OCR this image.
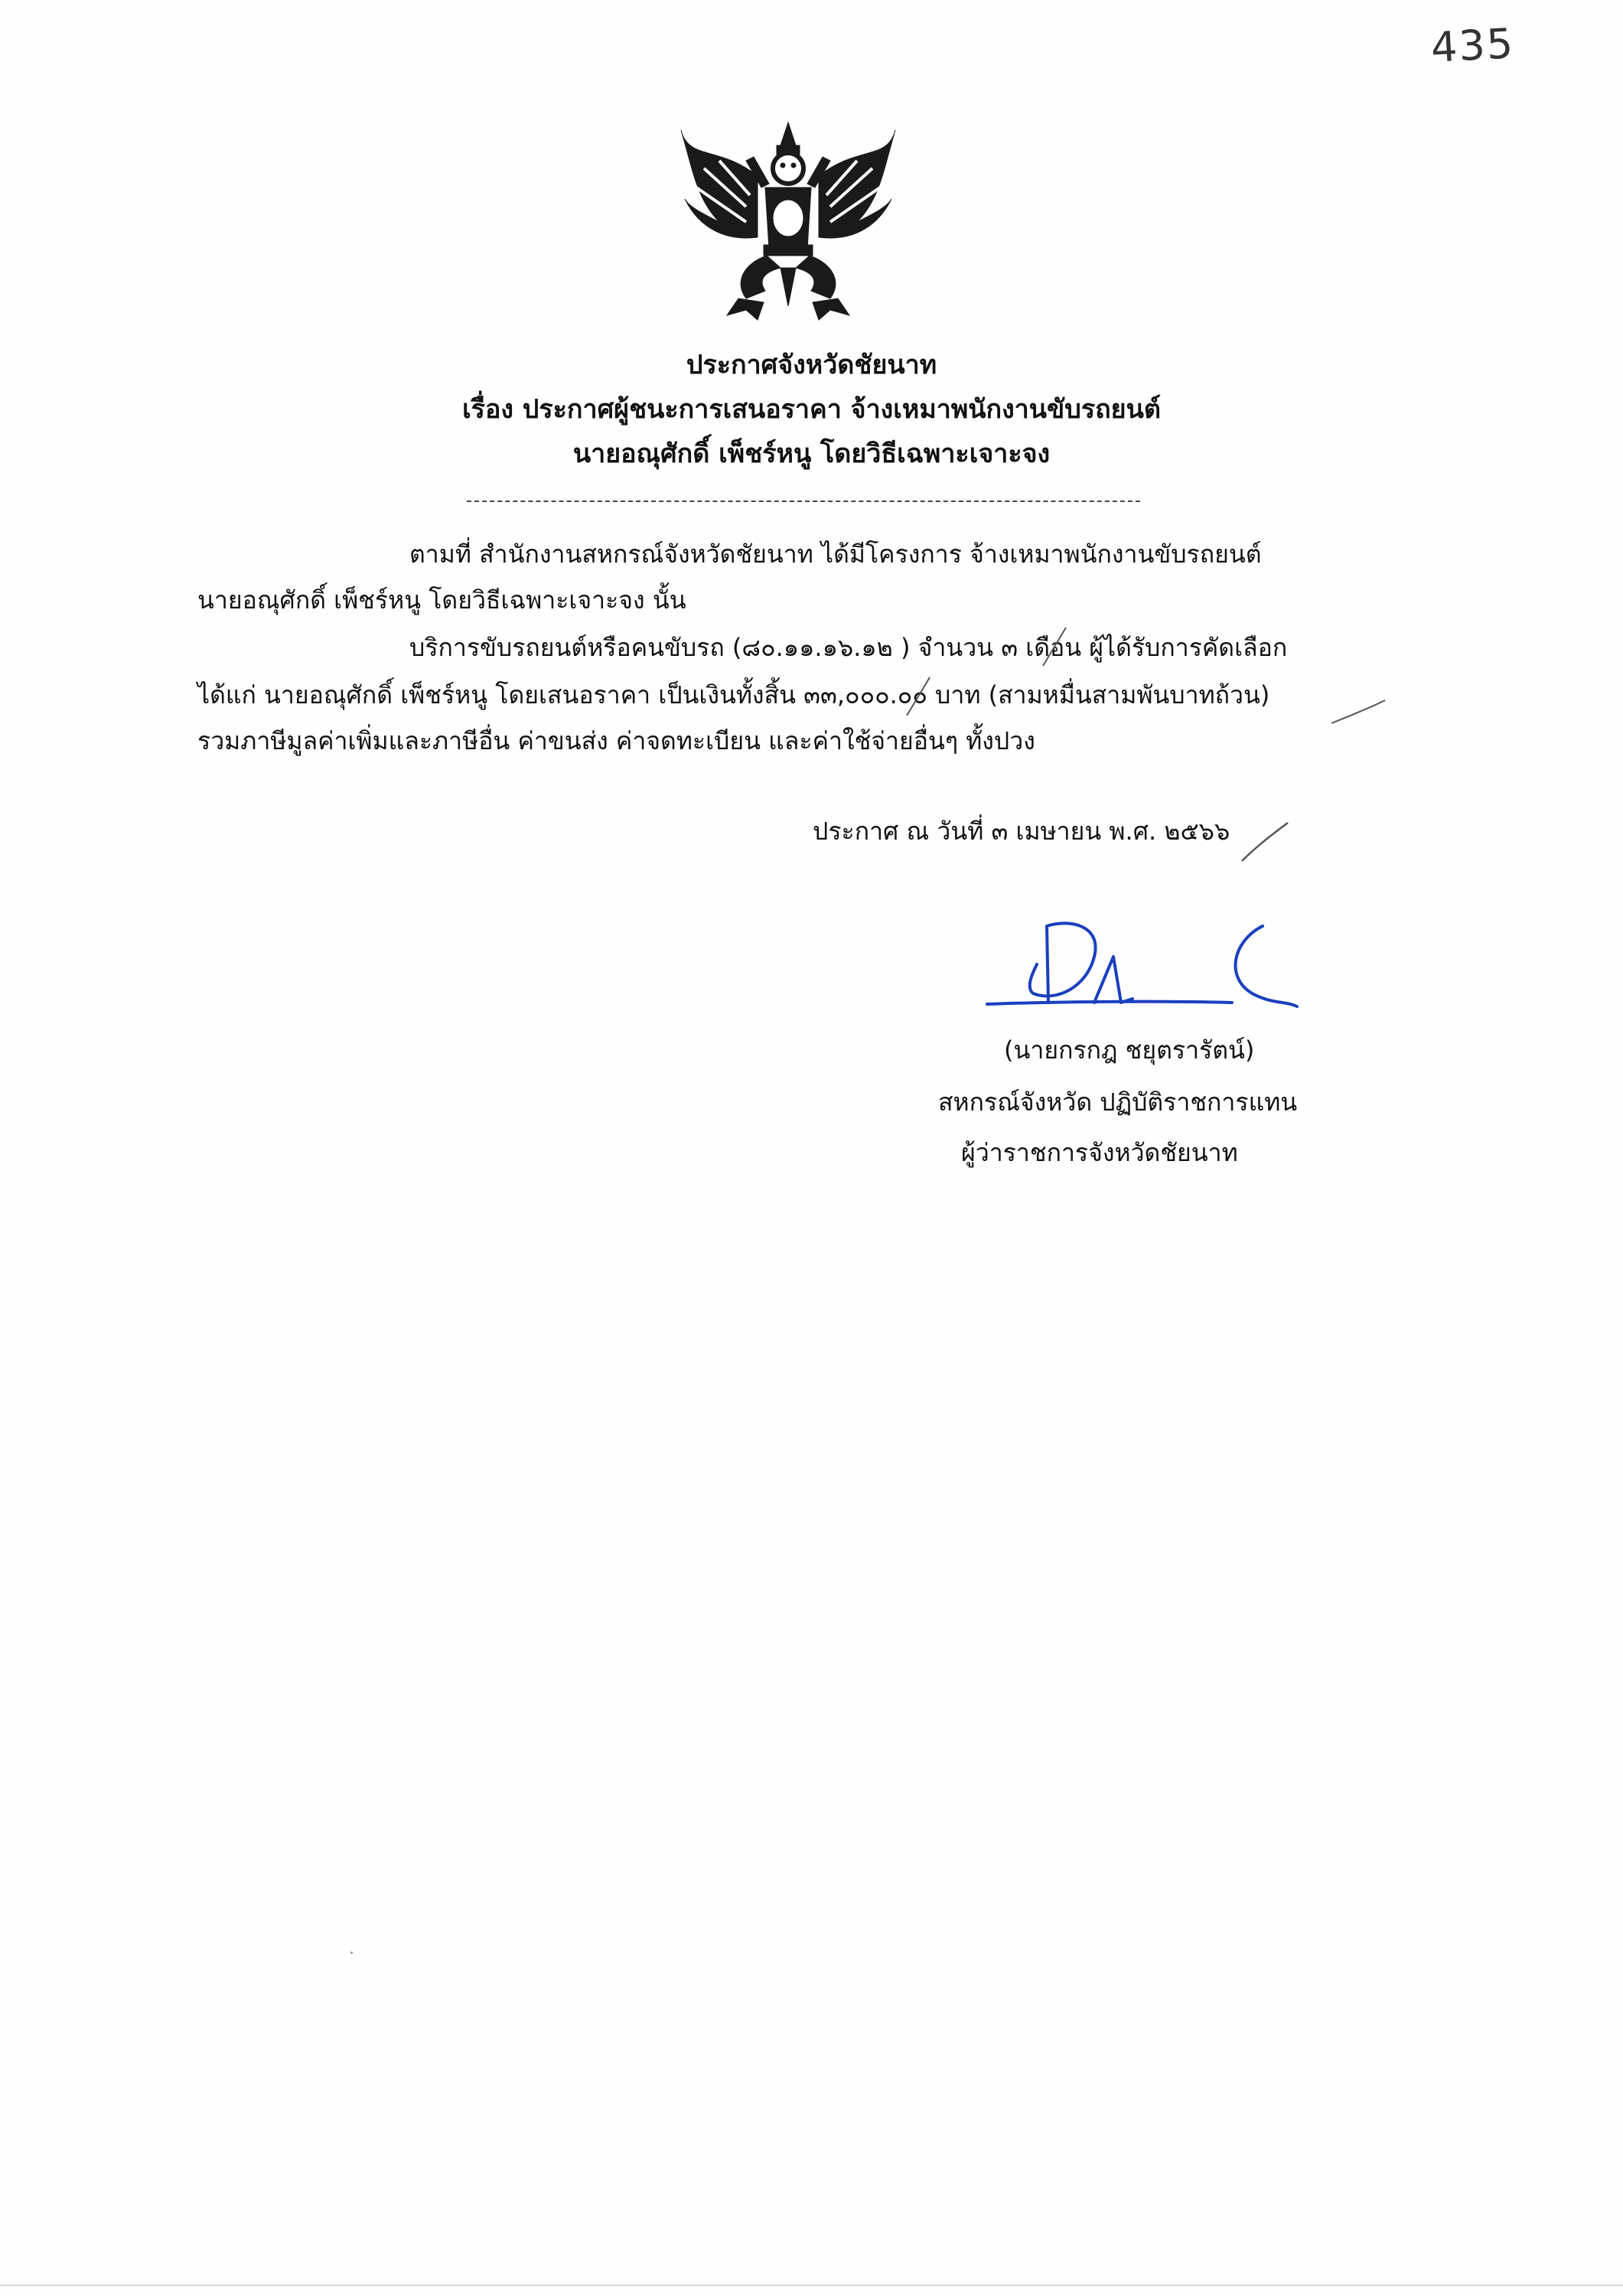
435
ประกาศจังหวัดชัยนาท
เรื่อง ประกาศผู้ชนะการเสนอราคา จ้างเหมาพนักงานขับรถยนต์
นายอณุศักดิ์ เพ็ชร์หนู โดยวิธีเฉพาะเจาะจง
ตามที่ สำนักงานสหกรณ์จังหวัดชัยนาท ได้มีโครงการ จ้างเหมาพนักงานขับรถยนต์
นายอณุศักดิ์ เพ็ชร์หนู โดยวิธีเฉพาะเจาะจง นั้น
บริการขับรถยนต์หรือคนขับรถ (๘๐.๑๑.๑๖.๑๒ ) จำนวน ๓ เดือน ผู้ได้รับการคัดเลือก
ได้แก่ นายอณุศักดิ์ เพ็ชร์หนู โดยเสนอราคา เป็นเงินทั้งสิ้น ๓๓,๐๐๐.๐๐ บาท (สามหมื่นสามพันบาทถ้วน)
รวมภาษีมูลค่าเพิ่มและภาษีอื่น ค่าขนส่ง ค่าจดทะเบียน และค่าใช้จ่ายอื่นๆ ทั้งปวง
ประกาศ ณ วันที่ ๓ เมษายน พ.ศ. ๒๕๖๖
(นายกรกฎ ชยุตรารัตน์)
สหกรณ์จังหวัด ปฏิบัติราชการแทน
ผู้ว่าราชการจังหวัดชัยนาท
